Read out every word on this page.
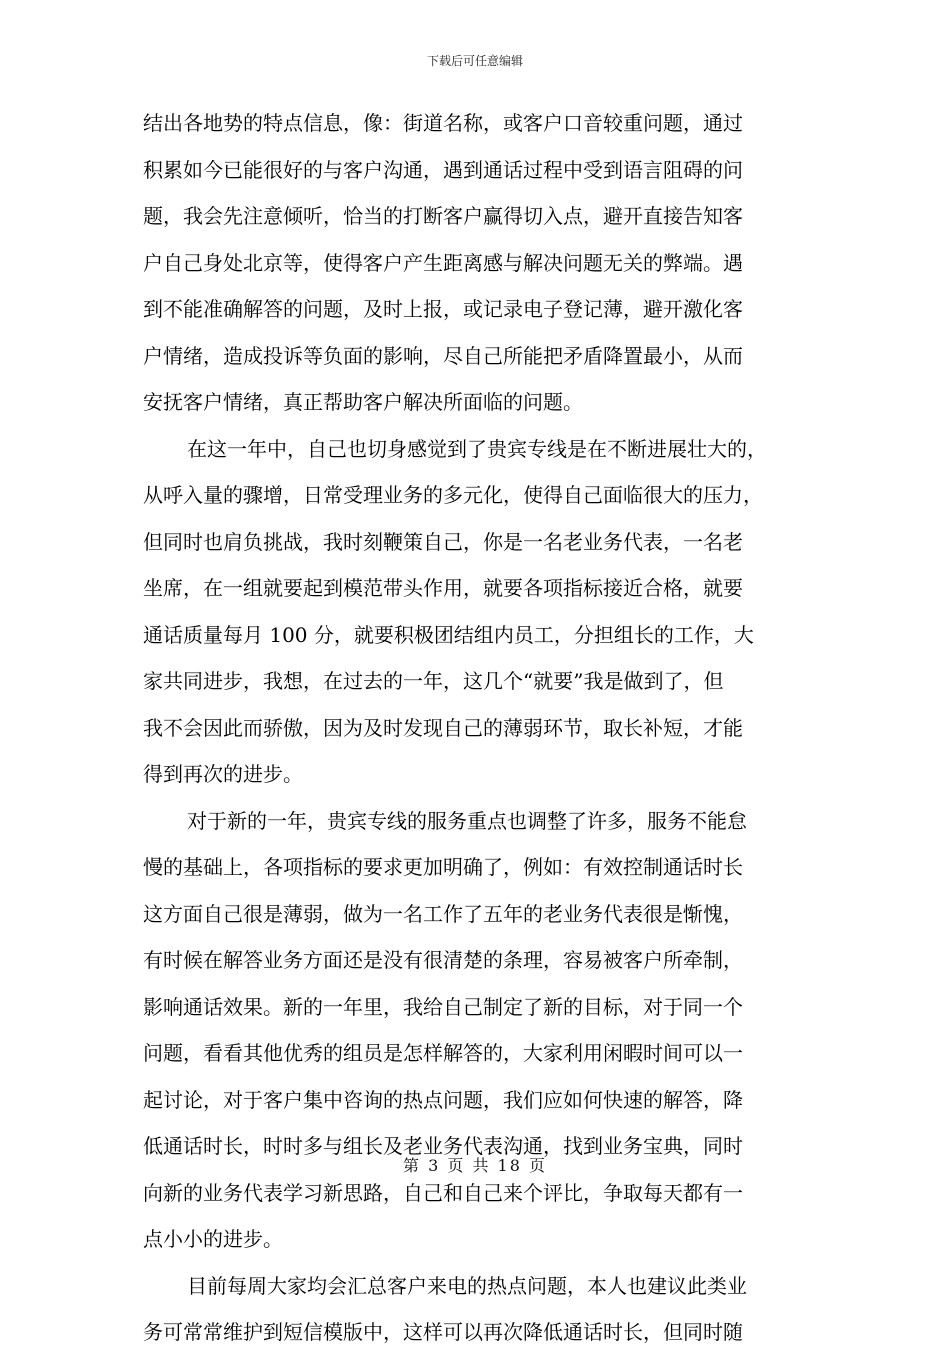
下载后可任意编辑
结出各地势的特点信息，像：街道名称，或客户口音较重问题，通过
积累如今已能很好的与客户沟通，遇到通话过程中受到语言阻碍的问
题，我会先注意倾听，恰当的打断客户赢得切入点，避开直接告知客
户自己身处北京等，使得客户产生距离感与解决问题无关的弊端。遇
到不能准确解答的问题，及时上报，或记录电子登记薄，避开激化客
户情绪，造成投诉等负面的影响，尽自己所能把矛盾降置最小，从而
安抚客户情绪，真正帮助客户解决所面临的问题。
在这一年中，自己也切身感觉到了贵宾专线是在不断进展壮大的，
从呼入量的骤增，日常受理业务的多元化，使得自己面临很大的压力，
但同时也肩负挑战，我时刻鞭策自己，你是一名老业务代表，一名老
坐席，在一组就要起到模范带头作用，就要各项指标接近合格，就要
通话质量每月 100 分，就要积极团结组内员工，分担组长的工作，大
家共同进步，我想，在过去的一年，这几个“就要”我是做到了，但
我不会因此而骄傲，因为及时发现自己的薄弱环节，取长补短，才能
得到再次的进步。
对于新的一年，贵宾专线的服务重点也调整了许多，服务不能怠
慢的基础上，各项指标的要求更加明确了，例如：有效控制通话时长
这方面自己很是薄弱，做为一名工作了五年的老业务代表很是惭愧，
有时候在解答业务方面还是没有很清楚的条理，容易被客户所牵制，
影响通话效果。新的一年里，我给自己制定了新的目标，对于同一个
问题，看看其他优秀的组员是怎样解答的，大家利用闲暇时间可以一
起讨论，对于客户集中咨询的热点问题，我们应如何快速的解答，降
低通话时长，时时多与组长及老业务代表沟通，找到业务宝典，同时
向新的业务代表学习新思路，自己和自己来个评比，争取每天都有一
点小小的进步。
目前每周大家均会汇总客户来电的热点问题，本人也建议此类业
务可常常维护到短信模版中，这样可以再次降低通话时长，但同时随
第 3 页 共 18 页
